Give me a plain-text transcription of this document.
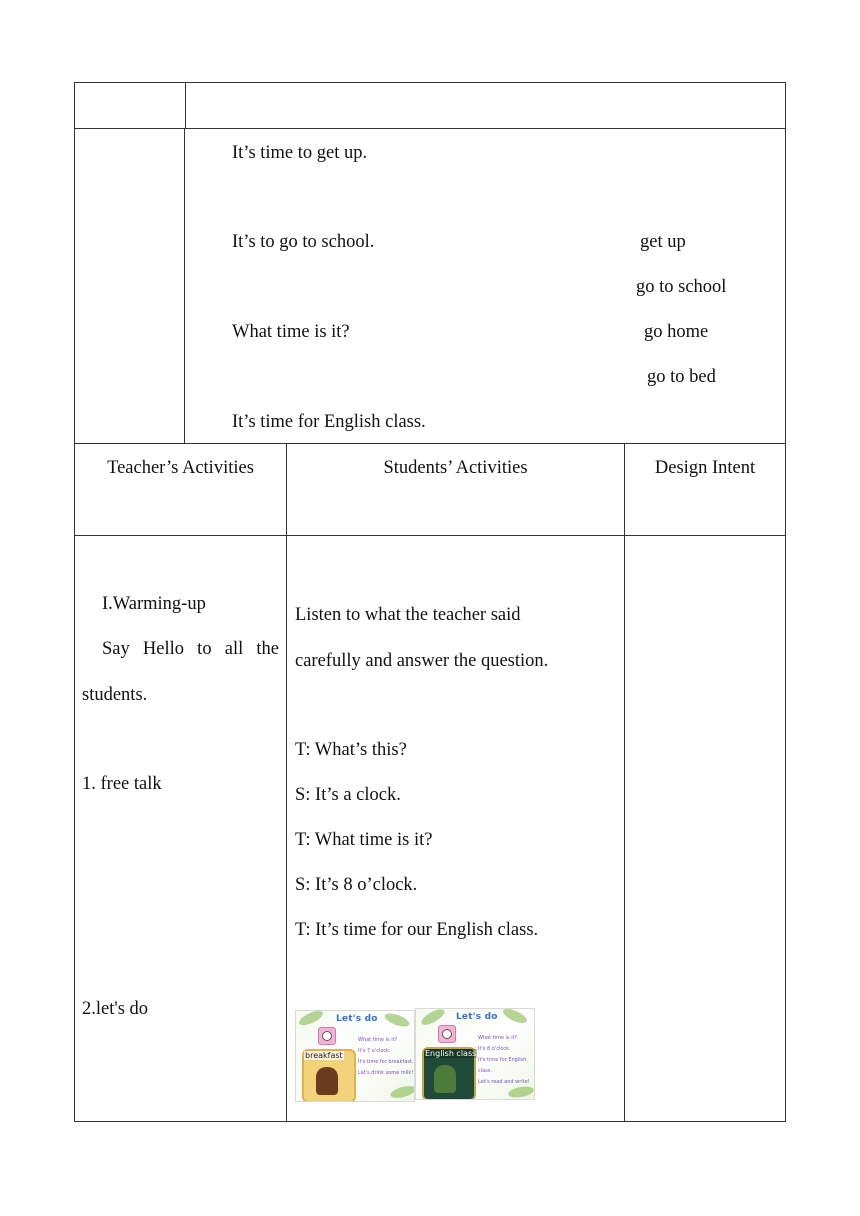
It’s time to get up.
It’s to go to school.
What time is it?
It’s time for English class.
get up
go to school
go home
go to bed
Teacher’s Activities	Students’ Activities	Design Intent
I.Warming-up
Say Hello to all the
students.
1. free talk
2.let's do
Listen to what the teacher said
carefully and answer the question.
T: What’s this?
S: It’s a clock.
T: What time is it?
S: It’s 8 o’clock.
T: It’s time for our English class.
Let's do
What time is it?
It's 7 o'clock.
It's time for breakfast.
Let's drink some milk!
breakfast
Let's do
What time is it?
It's 8 o'clock.
It's time for English class.
Let's read and write!
English class
